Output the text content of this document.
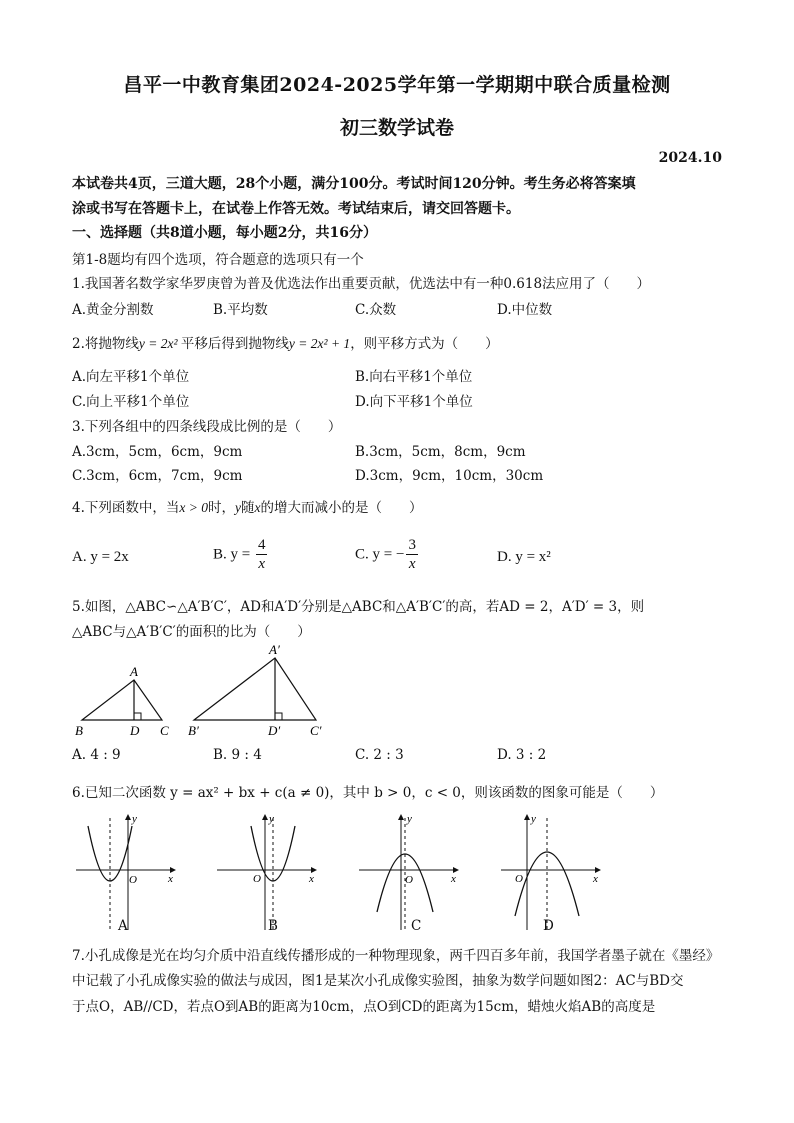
昌平一中教育集团2024-2025学年第一学期期中联合质量检测
初三数学试卷
2024.10
本试卷共4页，三道大题，28个小题，满分100分。考试时间120分钟。考生务必将答案填
涂或书写在答题卡上，在试卷上作答无效。考试结束后，请交回答题卡。
一、选择题（共8道小题，每小题2分，共16分）
第1-8题均有四个选项，符合题意的选项只有一个
1.我国著名数学家华罗庚曾为普及优选法作出重要贡献，优选法中有一种0.618法应用了（　　）
A.黄金分割数	B.平均数	C.众数	D.中位数
2.将抛物线y = 2x² 平移后得到抛物线y = 2x² + 1，则平移方式为（　　）
A.向左平移1个单位	B.向右平移1个单位
C.向上平移1个单位	D.向下平移1个单位
3.下列各组中的四条线段成比例的是（　　）
A.3cm，5cm，6cm，9cm	B.3cm，5cm，8cm，9cm
C.3cm，6cm，7cm，9cm	D.3cm，9cm，10cm，30cm
4.下列函数中，当x > 0时，y随x的增大而减小的是（　　）
A. y = 2x	B. $y = \frac{4}{x}$	C. y = − $\frac{3}{x}$	D. y = x²
5.如图，△ABC∽△A′B′C′，AD和A′D′分别是△ABC和△A′B′C′的高，若AD = 2，A′D′ = 3，则
△ABC与△A′B′C′的面积的比为（　　）
A
B	D C
A′
B′	D′ C′
A. 4 : 9	B. 9 : 4	C. 2 : 3	D. 3 : 2
6.已知二次函数 y = ax² + bx + c(a ≠ 0)，其中 b > 0，c < 0，则该函数的图象可能是（　　）
y
x
O
A
y
x
O
B
y
x
O
C
y
x
O
D
7.小孔成像是光在均匀介质中沿直线传播形成的一种物理现象，两千四百多年前，我国学者墨子就在《墨经》
中记载了小孔成像实验的做法与成因，图1是某次小孔成像实验图，抽象为数学问题如图2：AC与BD交
于点O，AB//CD，若点O到AB的距离为10cm，点O到CD的距离为15cm，蜡烛火焰AB的高度是
